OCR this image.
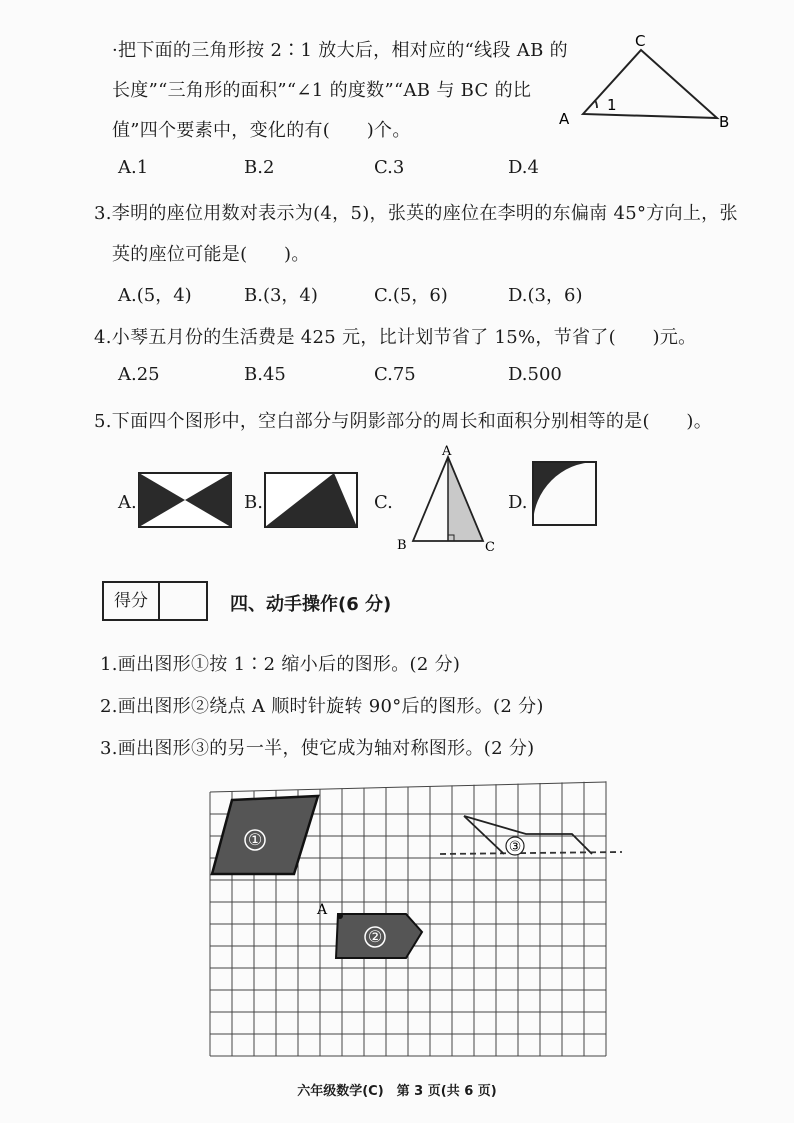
·把下面的三角形按 2∶1 放大后，相对应的“线段 AB 的
长度”“三角形的面积”“∠1 的度数”“AB 与 BC 的比
值”四个要素中，变化的有(　　)个。
A.1	B.2	C.3	D.4
C
A	B
1
3.李明的座位用数对表示为(4，5)，张英的座位在李明的东偏南 45°方向上，张
英的座位可能是(　　)。
A.(5，4)	B.(3，4)	C.(5，6)	D.(3，6)
4.小琴五月份的生活费是 425 元，比计划节省了 15%，节省了(　　)元。
A.25	B.45	C.75	D.500
5.下面四个图形中，空白部分与阴影部分的周长和面积分别相等的是(　　)。
A.	B.	C.
A
B	C
D.
得分	四、动手操作(6 分)
1.画出图形①按 1∶2 缩小后的图形。(2 分)
2.画出图形②绕点 A 顺时针旋转 90°后的图形。(2 分)
3.画出图形③的另一半，使它成为轴对称图形。(2 分)
①
A
②
③
六年级数学(C)　第 3 页(共 6 页)
